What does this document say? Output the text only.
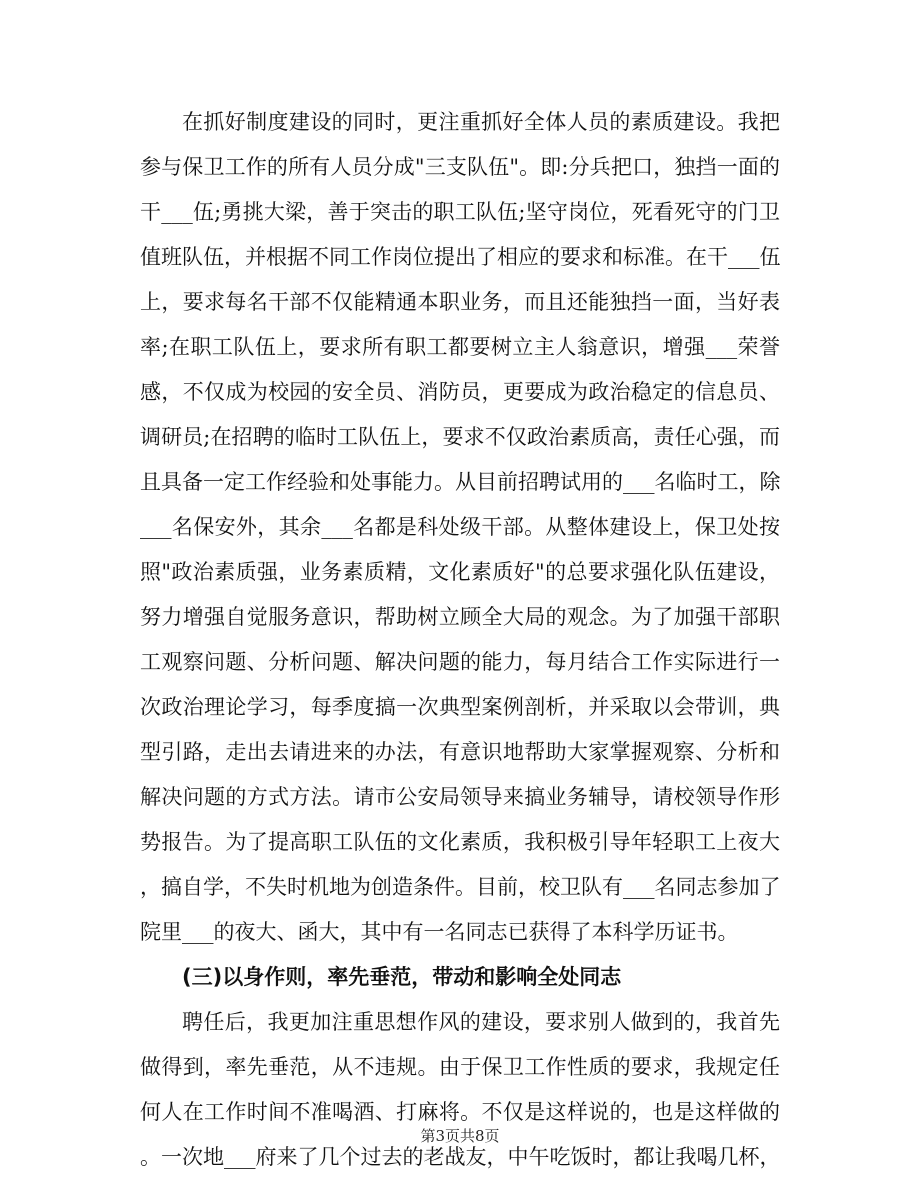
在抓好制度建设的同时，更注重抓好全体人员的素质建设。我把
参与保卫工作的所有人员分成"三支队伍"。即:分兵把口，独挡一面的
干___伍;勇挑大梁，善于突击的职工队伍;坚守岗位，死看死守的门卫
值班队伍，并根据不同工作岗位提出了相应的要求和标准。在干___伍
上，要求每名干部不仅能精通本职业务，而且还能独挡一面，当好表
率;在职工队伍上，要求所有职工都要树立主人翁意识，增强___荣誉
感，不仅成为校园的安全员、消防员，更要成为政治稳定的信息员、
调研员;在招聘的临时工队伍上，要求不仅政治素质高，责任心强，而
且具备一定工作经验和处事能力。从目前招聘试用的___名临时工，除
___名保安外，其余___名都是科处级干部。从整体建设上，保卫处按
照"政治素质强，业务素质精，文化素质好"的总要求强化队伍建设，
努力增强自觉服务意识，帮助树立顾全大局的观念。为了加强干部职
工观察问题、分析问题、解决问题的能力，每月结合工作实际进行一
次政治理论学习，每季度搞一次典型案例剖析，并采取以会带训，典
型引路，走出去请进来的办法，有意识地帮助大家掌握观察、分析和
解决问题的方式方法。请市公安局领导来搞业务辅导，请校领导作形
势报告。为了提高职工队伍的文化素质，我积极引导年轻职工上夜大
，搞自学，不失时机地为创造条件。目前，校卫队有___名同志参加了
院里___的夜大、函大，其中有一名同志已获得了本科学历证书。
(三)以身作则，率先垂范，带动和影响全处同志
聘任后，我更加注重思想作风的建设，要求别人做到的，我首先
做得到，率先垂范，从不违规。由于保卫工作性质的要求，我规定任
何人在工作时间不准喝酒、打麻将。不仅是这样说的，也是这样做的
。一次地___府来了几个过去的老战友，中午吃饭时，都让我喝几杯，
第3页共8页
